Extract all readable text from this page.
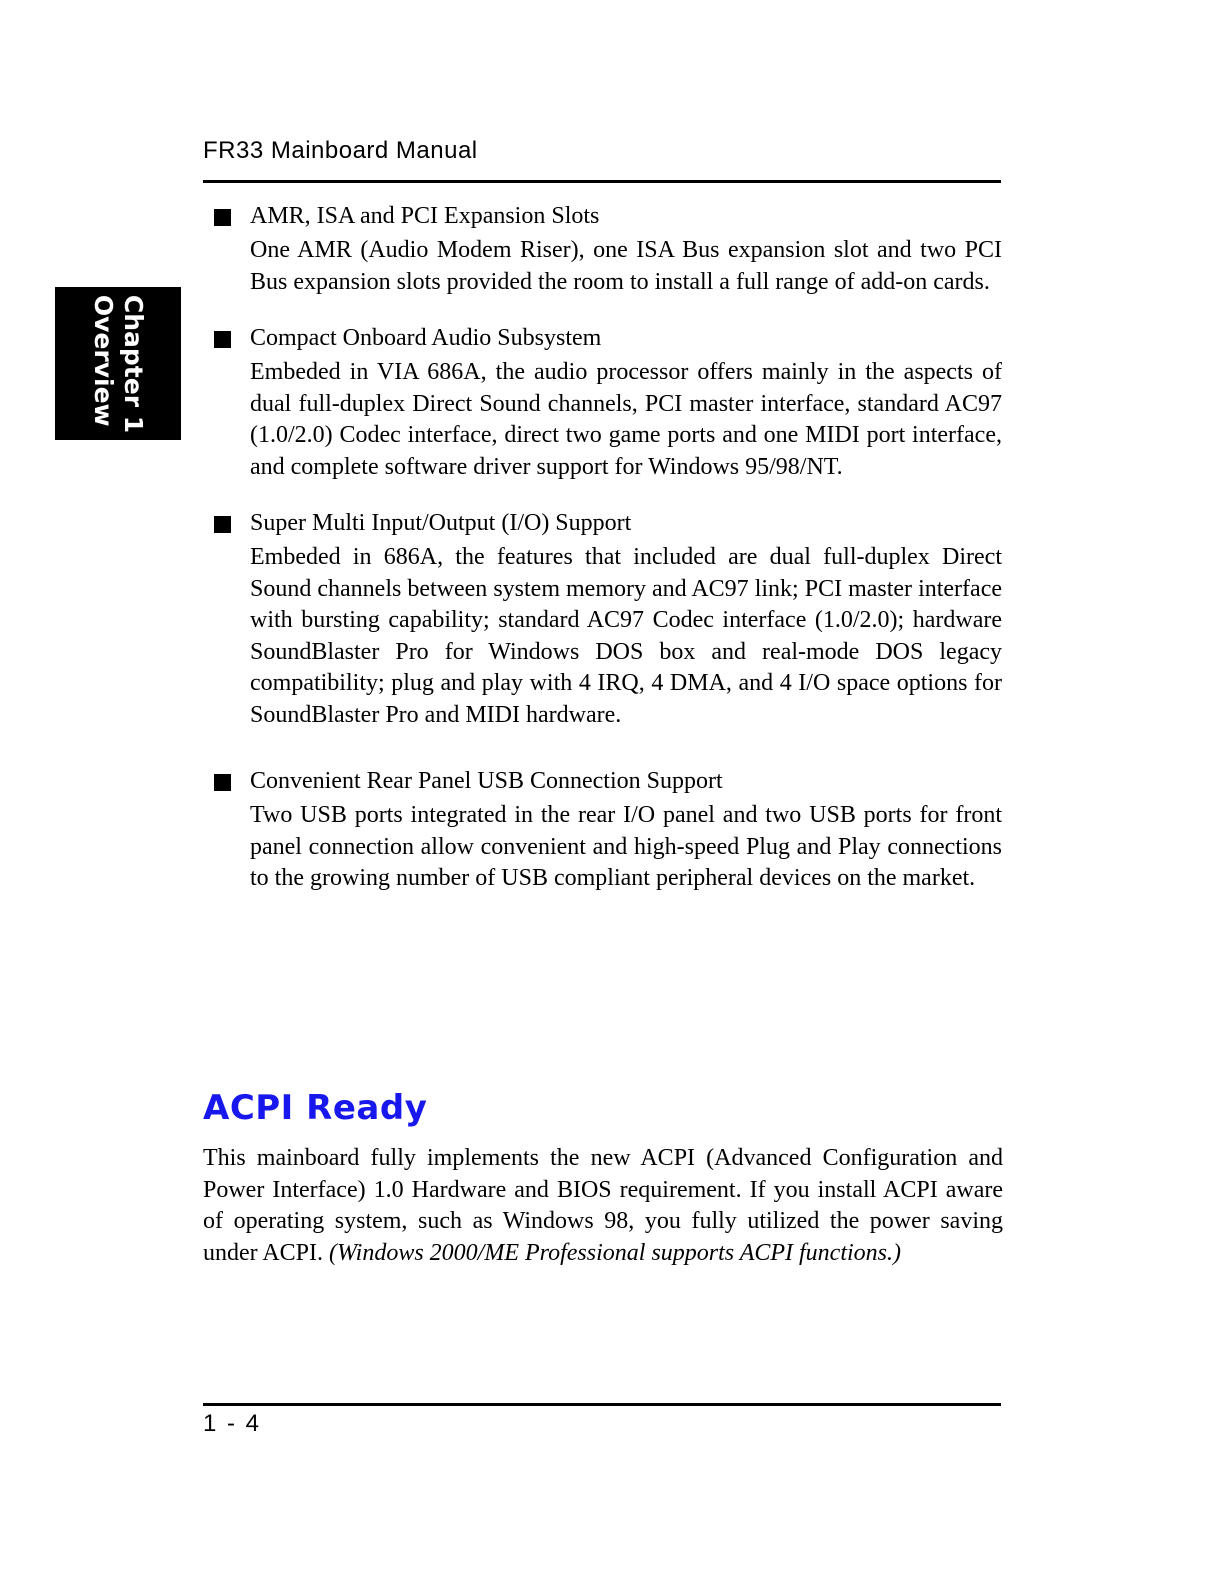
FR33 Mainboard Manual
Chapter 1
Overview
AMR, ISA and PCI Expansion Slots
One AMR (Audio Modem Riser), one ISA Bus expansion slot and two PCI Bus expansion slots provided the room to install a full range of add-on cards.
Compact Onboard Audio Subsystem
Embeded in VIA 686A, the audio processor offers mainly in the aspects of dual full-duplex Direct Sound channels, PCI master interface, standard AC97 (1.0/2.0) Codec interface, direct two game ports and one MIDI port interface, and complete software driver support for Windows 95/98/NT.
Super Multi Input/Output (I/O) Support
Embeded in 686A, the features that included are dual full-duplex Direct Sound channels between system memory and AC97 link; PCI master interface with bursting capability; standard AC97 Codec interface (1.0/2.0); hardware SoundBlaster Pro for Windows DOS box and real-mode DOS legacy compatibility; plug and play with 4 IRQ, 4 DMA, and 4 I/O space options for SoundBlaster Pro and MIDI hardware.
Convenient Rear Panel USB Connection Support
Two USB ports integrated in the rear I/O panel and two USB ports for front panel connection allow convenient and high-speed Plug and Play connections to the growing number of USB compliant peripheral devices on the market.
ACPI Ready
This mainboard fully implements the new ACPI (Advanced Configuration and Power Interface) 1.0 Hardware and BIOS requirement. If you install ACPI aware of operating system, such as Windows 98, you fully utilized the power saving under ACPI. (Windows 2000/ME Professional supports ACPI functions.)
1 - 4
